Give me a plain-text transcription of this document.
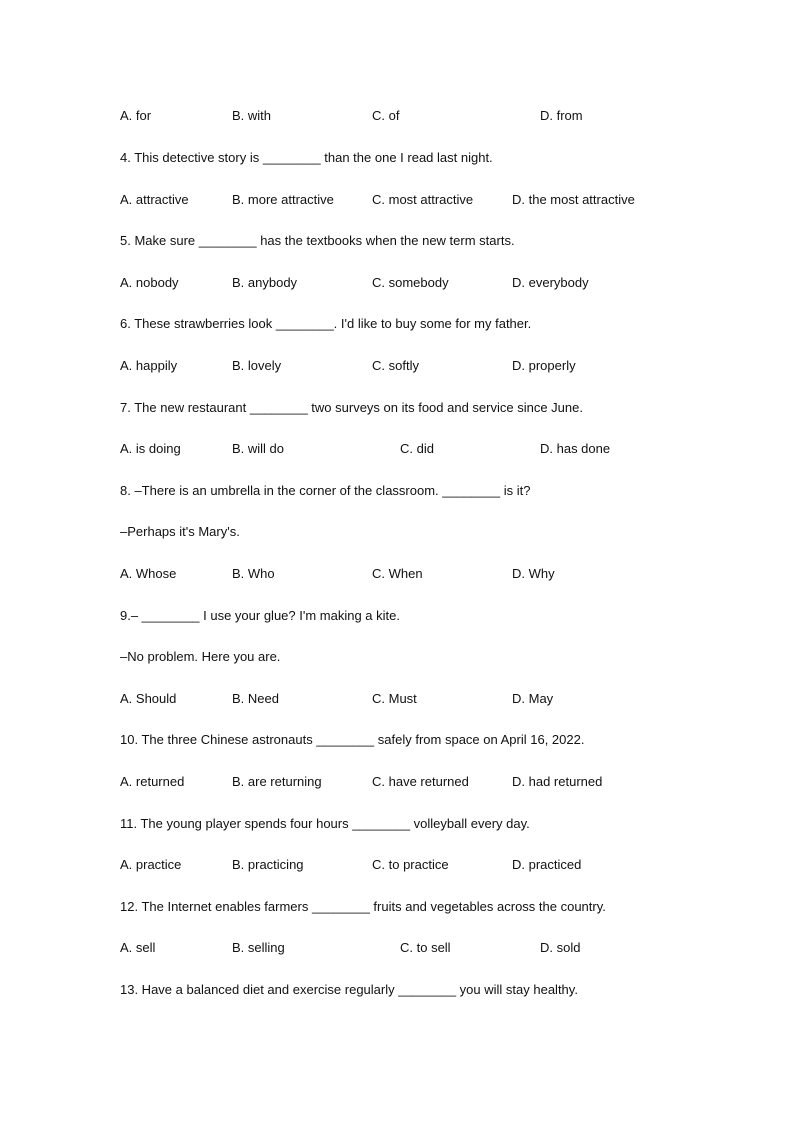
A. for	B. with	C. of	D. from
4. This detective story is ________ than the one I read last night.
A. attractive	B. more attractive	C. most attractive	D. the most attractive
5. Make sure ________ has the textbooks when the new term starts.
A. nobody	B. anybody	C. somebody	D. everybody
6. These strawberries look ________. I'd like to buy some for my father.
A. happily	B. lovely	C. softly	D. properly
7. The new restaurant ________ two surveys on its food and service since June.
A. is doing	B. will do	C. did	D. has done
8. –There is an umbrella in the corner of the classroom. ________ is it?
–Perhaps it's Mary's.
A. Whose	B. Who	C. When	D. Why
9.– ________ I use your glue? I'm making a kite.
–No problem. Here you are.
A. Should	B. Need	C. Must	D. May
10. The three Chinese astronauts ________ safely from space on April 16, 2022.
A. returned	B. are returning	C. have returned	D. had returned
11. The young player spends four hours ________ volleyball every day.
A. practice	B. practicing	C. to practice	D. practiced
12. The Internet enables farmers ________ fruits and vegetables across the country.
A. sell	B. selling	C. to sell	D. sold
13. Have a balanced diet and exercise regularly ________ you will stay healthy.
